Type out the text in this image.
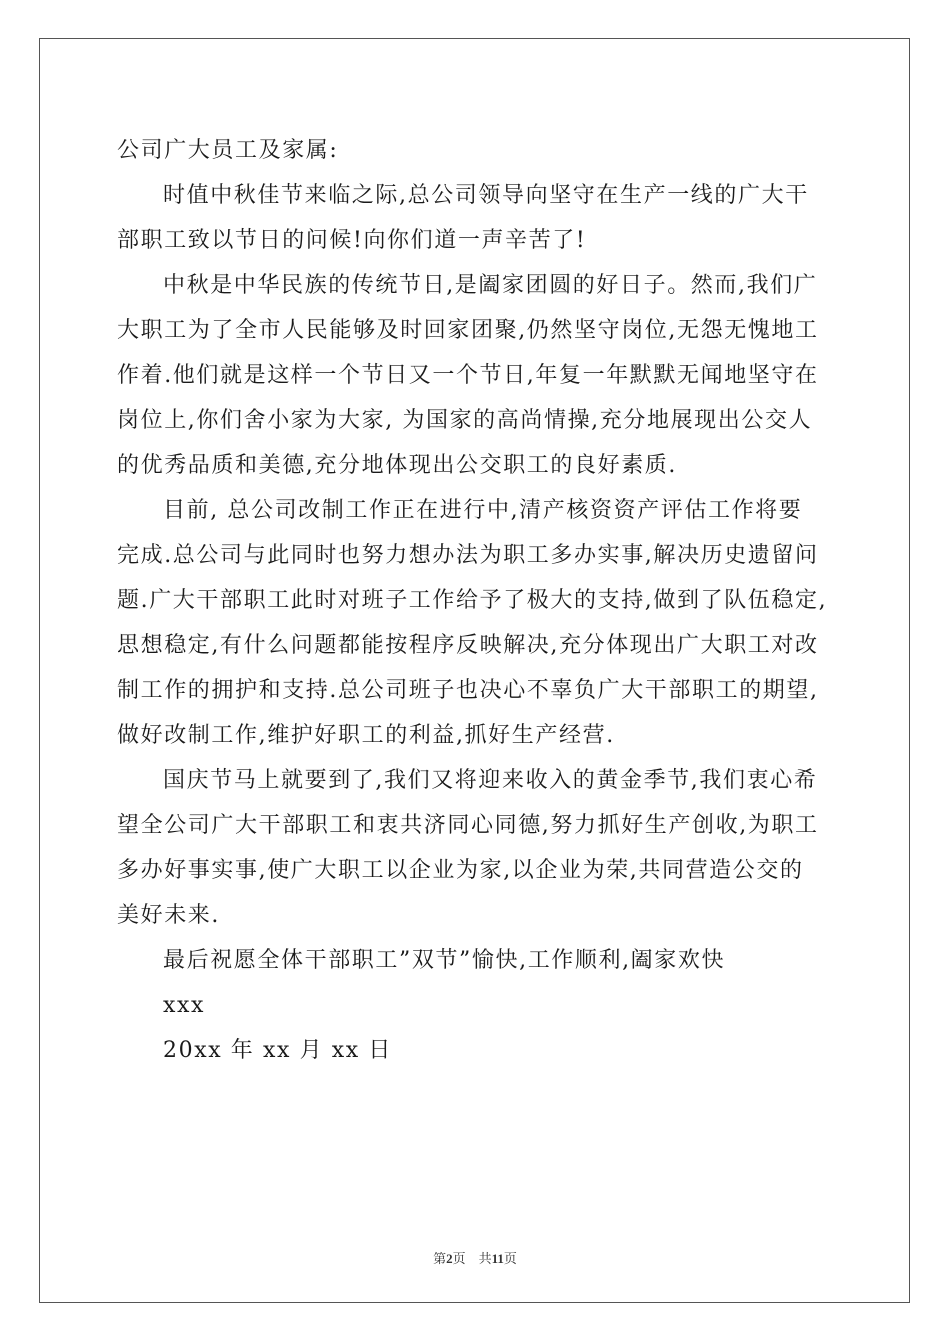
公司广大员工及家属:
时值中秋佳节来临之际,总公司领导向坚守在生产一线的广大干
部职工致以节日的问候!向你们道一声辛苦了!
中秋是中华民族的传统节日,是阖家团圆的好日子。然而,我们广
大职工为了全市人民能够及时回家团聚,仍然坚守岗位,无怨无愧地工
作着.他们就是这样一个节日又一个节日,年复一年默默无闻地坚守在
岗位上,你们舍小家为大家, 为国家的高尚情操,充分地展现出公交人
的优秀品质和美德,充分地体现出公交职工的良好素质.
目前, 总公司改制工作正在进行中,清产核资资产评估工作将要
完成.总公司与此同时也努力想办法为职工多办实事,解决历史遗留问
题.广大干部职工此时对班子工作给予了极大的支持,做到了队伍稳定,
思想稳定,有什么问题都能按程序反映解决,充分体现出广大职工对改
制工作的拥护和支持.总公司班子也决心不辜负广大干部职工的期望,
做好改制工作,维护好职工的利益,抓好生产经营.
国庆节马上就要到了,我们又将迎来收入的黄金季节,我们衷心希
望全公司广大干部职工和衷共济同心同德,努力抓好生产创收,为职工
多办好事实事,使广大职工以企业为家,以企业为荣,共同营造公交的
美好未来.
最后祝愿全体干部职工”双节”愉快,工作顺利,阖家欢快
xxx
20xx 年 xx 月 xx 日
第2页　共11页
